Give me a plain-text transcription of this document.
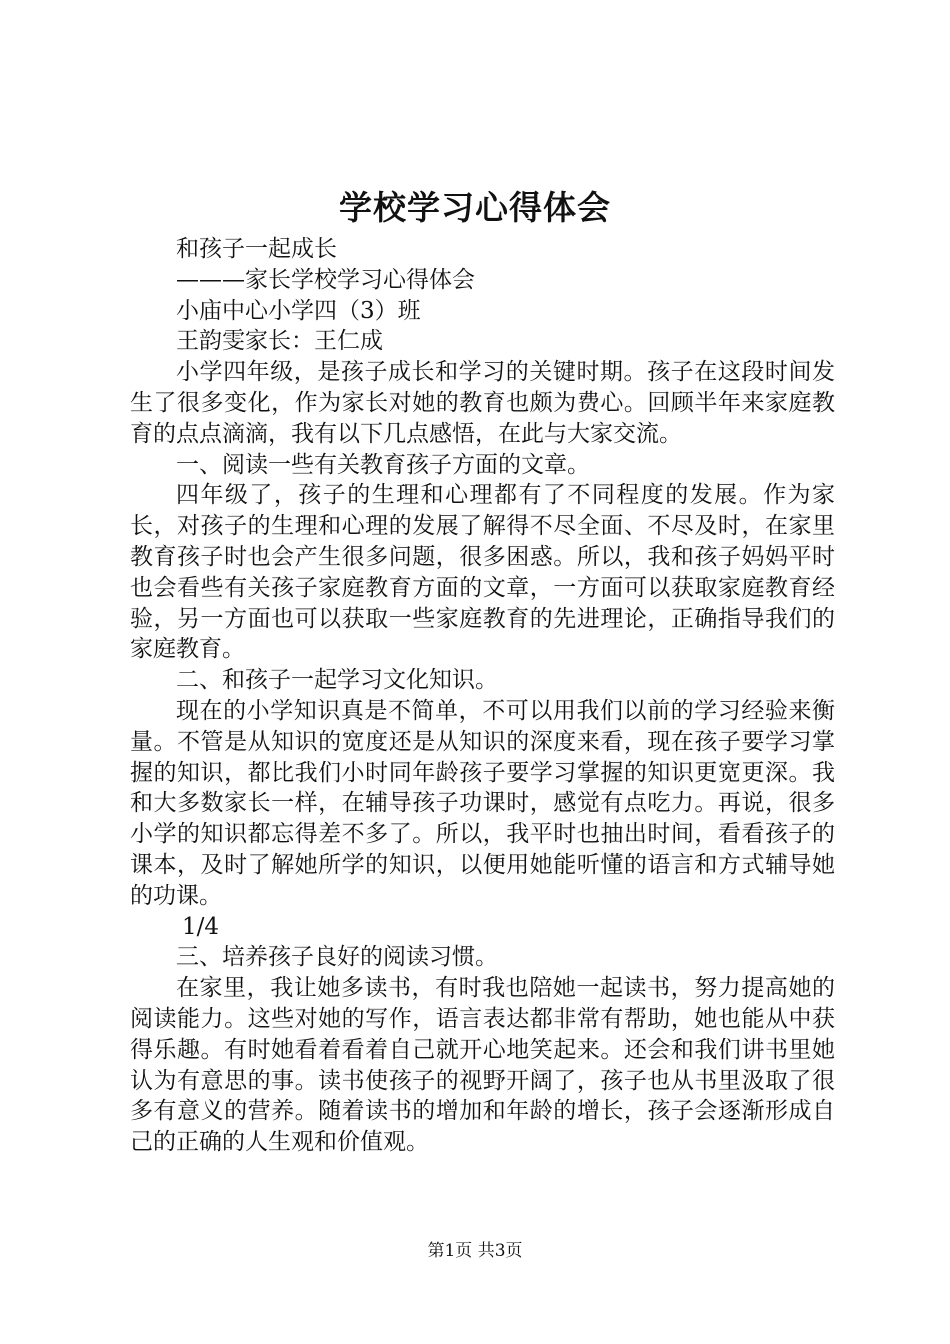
学校学习心得体会

和孩子一起成长

———家长学校学习心得体会

小庙中心小学四（3）班

王韵雯家长：王仁成

小学四年级，是孩子成长和学习的关键时期。孩子在这段时间发生了很多变化，作为家长对她的教育也颇为费心。回顾半年来家庭教育的点点滴滴，我有以下几点感悟，在此与大家交流。

一、阅读一些有关教育孩子方面的文章。

四年级了，孩子的生理和心理都有了不同程度的发展。作为家长，对孩子的生理和心理的发展了解得不尽全面、不尽及时，在家里教育孩子时也会产生很多问题，很多困惑。所以，我和孩子妈妈平时也会看些有关孩子家庭教育方面的文章，一方面可以获取家庭教育经验，另一方面也可以获取一些家庭教育的先进理论，正确指导我们的家庭教育。

二、和孩子一起学习文化知识。

现在的小学知识真是不简单，不可以用我们以前的学习经验来衡量。不管是从知识的宽度还是从知识的深度来看，现在孩子要学习掌握的知识，都比我们小时同年龄孩子要学习掌握的知识更宽更深。我和大多数家长一样，在辅导孩子功课时，感觉有点吃力。再说，很多小学的知识都忘得差不多了。所以，我平时也抽出时间，看看孩子的课本，及时了解她所学的知识，以便用她能听懂的语言和方式辅导她的功课。

1/4

三、培养孩子良好的阅读习惯。

在家里，我让她多读书，有时我也陪她一起读书，努力提高她的阅读能力。这些对她的写作，语言表达都非常有帮助，她也能从中获得乐趣。有时她看着看着自己就开心地笑起来。还会和我们讲书里她认为有意思的事。读书使孩子的视野开阔了，孩子也从书里汲取了很多有意义的营养。随着读书的增加和年龄的增长，孩子会逐渐形成自己的正确的人生观和价值观。

第1页 共3页
